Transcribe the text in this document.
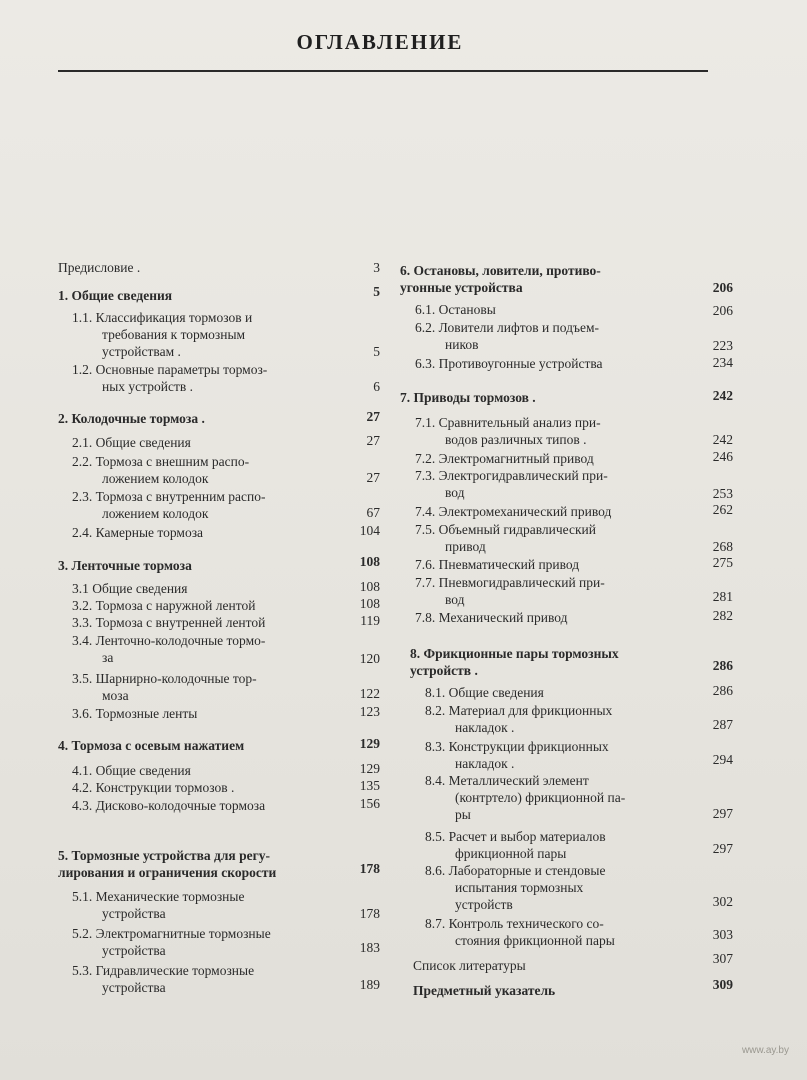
ОГЛАВЛЕНИЕ
Предисловие .	3
1. Общие сведения	5
1.1. Классификация тормозов и
требования к тормозным
устройствам .	5
1.2. Основные параметры тормоз-
ных устройств .	6
2. Колодочные тормоза .	27
2.1. Общие сведения	27
2.2. Тормоза с внешним распо-
ложением колодок	27
2.3. Тормоза с внутренним распо-
ложением колодок	67
2.4. Камерные тормоза	104
3. Ленточные тормоза	108
3.1 Общие сведения	108
3.2. Тормоза с наружной лентой	108
3.3. Тормоза с внутренней лентой	119
3.4. Ленточно-колодочные тормо-
за	120
3.5. Шарнирно-колодочные тор-
моза	122
3.6. Тормозные ленты	123
4. Тормоза с осевым нажатием	129
4.1. Общие сведения	129
4.2. Конструкции тормозов .	135
4.3. Дисково-колодочные тормоза	156
5. Тормозные устройства для регу-
лирования и ограничения скорости	178
5.1. Механические тормозные
устройства	178
5.2. Электромагнитные тормозные
устройства	183
5.3. Гидравлические тормозные
устройства	189
6. Остановы, ловители, противо-
угонные устройства	206
6.1. Остановы	206
6.2. Ловители лифтов и подъем-
ников	223
6.3. Противоугонные устройства	234
7. Приводы тормозов .	242
7.1. Сравнительный анализ при-
водов различных типов .	242
7.2. Электромагнитный привод	246
7.3. Электрогидравлический при-
вод	253
7.4. Электромеханический привод	262
7.5. Объемный гидравлический
привод	268
7.6. Пневматический привод	275
7.7. Пневмогидравлический при-
вод	281
7.8. Механический привод	282
8. Фрикционные пары тормозных
устройств .	286
8.1. Общие сведения	286
8.2. Материал для фрикционных
накладок .	287
8.3. Конструкции фрикционных
накладок .	294
8.4. Металлический элемент
(контртело) фрикционной па-
ры	297
8.5. Расчет и выбор материалов
фрикционной пары	297
8.6. Лабораторные и стендовые
испытания тормозных
устройств	302
8.7. Контроль технического со-
стояния фрикционной пары	303
Список литературы	307
Предметный указатель	309
www.ay.by
